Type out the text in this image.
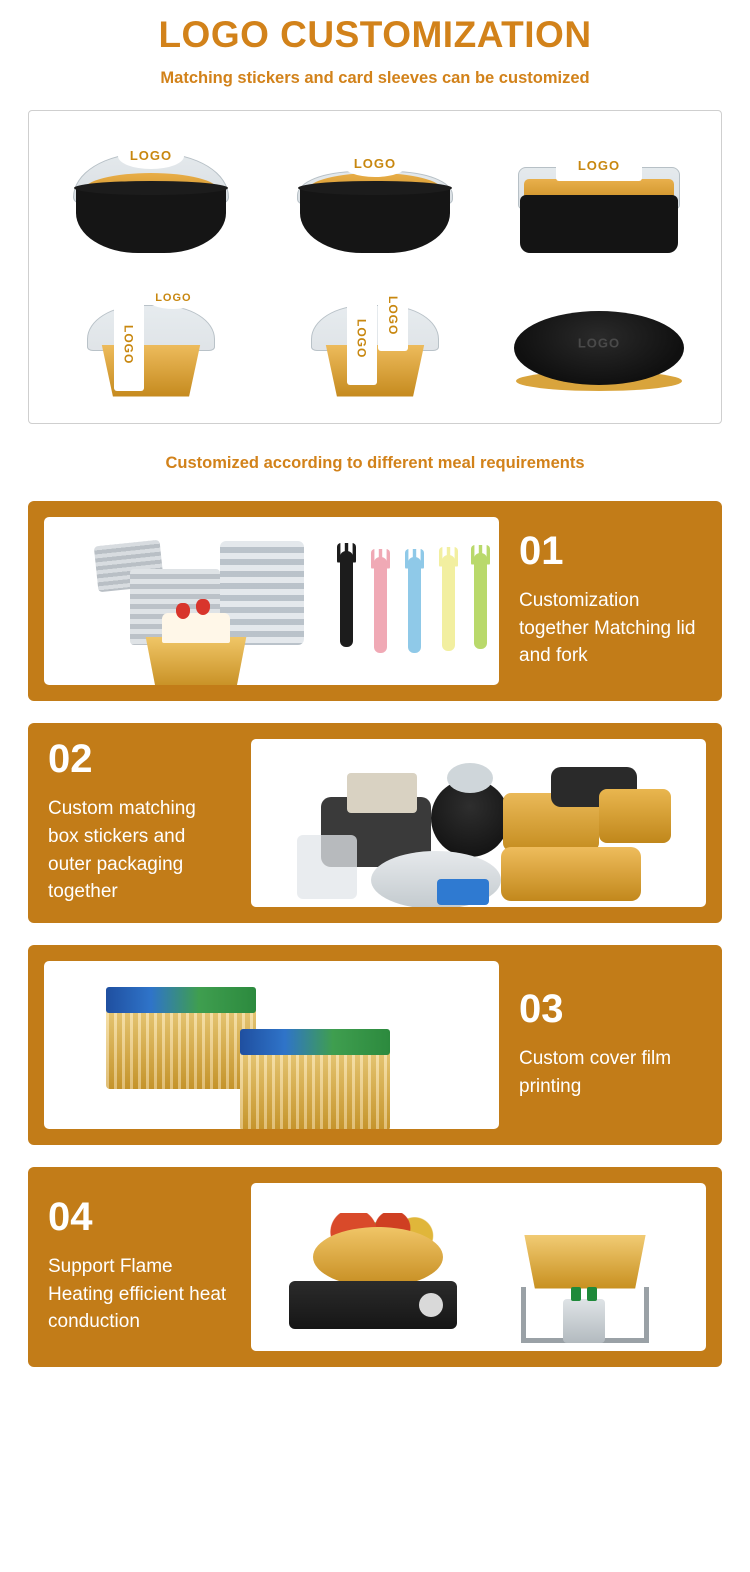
LOGO CUSTOMIZATION

Matching stickers and card sleeves can be customized

LOGO
LOGO	LOGO
LOGO
LOGO
LOGO
LOGO
LOGO

Customized according to different meal requirements

01
Customization together Matching lid and fork
02
Custom matching box stickers and outer packaging together
03
Custom cover film printing
04
Support Flame Heating efficient heat conduction
